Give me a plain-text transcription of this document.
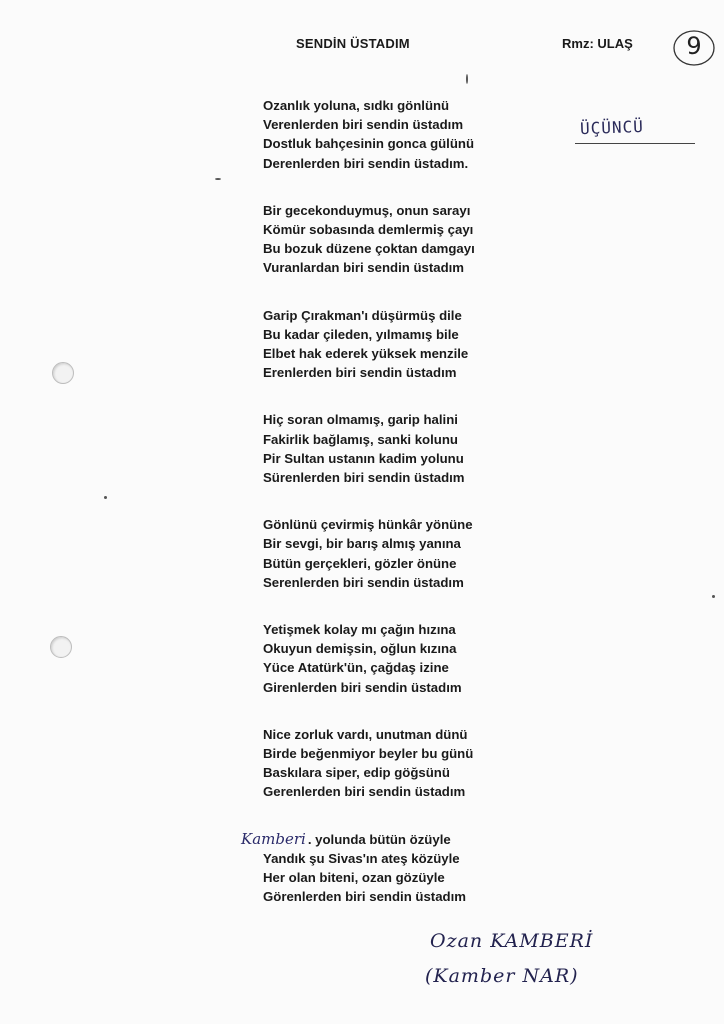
SENDİN ÜSTADIM	Rmz: ULAŞ	9
ÜÇÜNCÜ
Ozanlık yoluna, sıdkı gönlünü
Verenlerden biri sendin üstadım
Dostluk bahçesinin gonca gülünü
Derenlerden biri sendin üstadım.
Bir gecekonduymuş, onun sarayı
Kömür sobasında demlermiş çayı
Bu bozuk düzene çoktan damgayı
Vuranlardan biri sendin üstadım
Garip Çırakman'ı düşürmüş dile
Bu kadar çileden, yılmamış bile
Elbet hak ederek yüksek menzile
Erenlerden biri sendin üstadım
Hiç soran olmamış, garip halini
Fakirlik bağlamış, sanki kolunu
Pir Sultan ustanın kadim yolunu
Sürenlerden biri sendin üstadım
Gönlünü çevirmiş hünkâr yönüne
Bir sevgi, bir barış almış yanına
Bütün gerçekleri, gözler önüne
Serenlerden biri sendin üstadım
Yetişmek kolay mı çağın hızına
Okuyun demişsin, oğlun kızına
Yüce Atatürk'ün, çağdaş izine
Girenlerden biri sendin üstadım
Nice zorluk vardı, unutman dünü
Birde beğenmiyor beyler bu günü
Baskılara siper, edip göğsünü
Gerenlerden biri sendin üstadım
Kamberi . yolunda bütün özüyle
Yandık şu Sivas'ın ateş közüyle
Her olan biteni, ozan gözüyle
Görenlerden biri sendin üstadım
Ozan KAMBERİ
(Kamber NAR)
